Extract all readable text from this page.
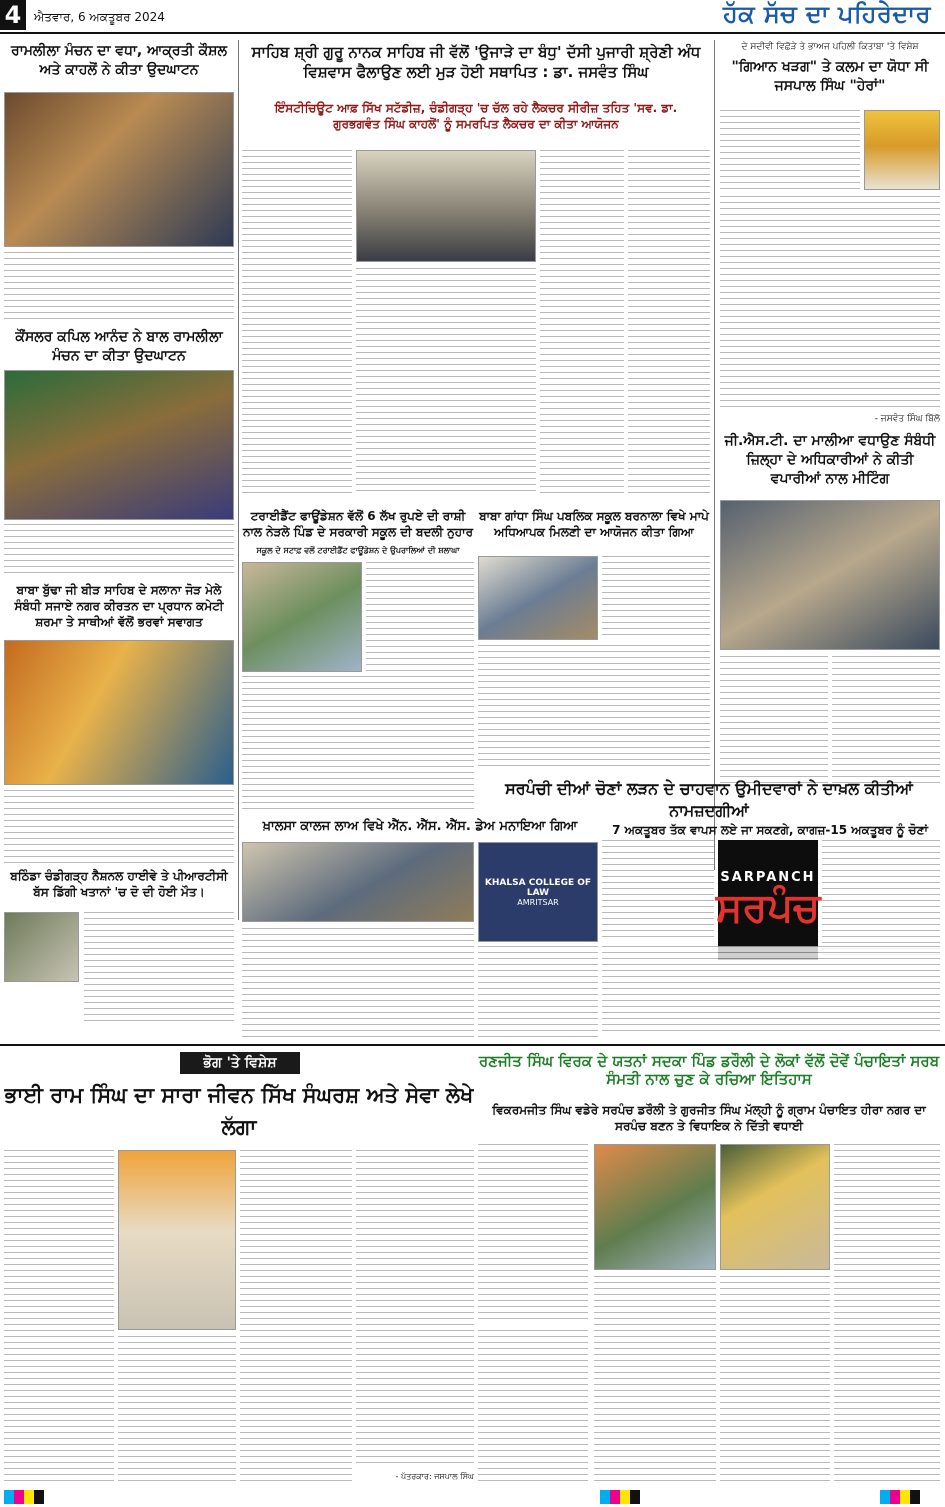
4	ਐਤਵਾਰ, 6 ਅਕਤੂਬਰ 2024	ਹੱਕ ਸੱਚ ਦਾ ਪਹਿਰੇਦਾਰ
ਰਾਮਲੀਲਾ ਮੰਚਨ ਦਾ ਵਧਾ, ਆਕ੍ਰਤੀ ਕੌਸ਼ਲ ਅਤੇ ਕਾਹਲੋਂ ਨੇ ਕੀਤਾ ਉਦਘਾਟਨ
ਕੌਂਸਲਰ ਕਪਿਲ ਆਨੰਦ ਨੇ ਬਾਲ ਰਾਮਲੀਲਾ ਮੰਚਨ ਦਾ ਕੀਤਾ ਉਦਘਾਟਨ
ਬਾਬਾ ਬੁੱਢਾ ਜੀ ਬੀੜ ਸਾਹਿਬ ਦੇ ਸਲਾਨਾ ਜੋੜ ਮੇਲੇ ਸੰਬੰਧੀ ਸਜਾਏ ਨਗਰ ਕੀਰਤਨ ਦਾ ਪ੍ਰਧਾਨ ਕਮੇਟੀ ਸ਼ਰਮਾ ਤੇ ਸਾਥੀਆਂ ਵੱਲੋਂ ਭਰਵਾਂ ਸਵਾਗਤ
ਬਠਿੰਡਾ ਚੰਡੀਗੜ੍ਹ ਨੈਸ਼ਨਲ ਹਾਈਵੇ ਤੇ ਪੀਆਰਟੀਸੀ ਬੱਸ ਡਿੱਗੀ ਖਤਾਨਾਂ 'ਚ ਦੋ ਦੀ ਹੋਈ ਮੌਤ।
ਸਾਹਿਬ ਸ਼੍ਰੀ ਗੁਰੂ ਨਾਨਕ ਸਾਹਿਬ ਜੀ ਵੱਲੋਂ 'ਉਜਾੜੇ ਦਾ ਬੰਧੁ' ਦੱਸੀ ਪੁਜਾਰੀ ਸ਼੍ਰੇਣੀ ਅੰਧ ਵਿਸ਼ਵਾਸ ਫੈਲਾਉਣ ਲਈ ਮੁੜ ਹੋਈ ਸਥਾਪਿਤ : ਡਾ. ਜਸਵੰਤ ਸਿੰਘ
ਇੰਸਟੀਚਿਊਟ ਆਫ਼ ਸਿੱਖ ਸਟੱਡੀਜ਼, ਚੰਡੀਗੜ੍ਹ 'ਚ ਚੱਲ ਰਹੇ ਲੈਕਚਰ ਸੀਰੀਜ਼ ਤਹਿਤ 'ਸਵ. ਡਾ. ਗੁਰਭਗਵੰਤ ਸਿੰਘ ਕਾਹਲੋਂ' ਨੂੰ ਸਮਰਪਿਤ ਲੈਕਚਰ ਦਾ ਕੀਤਾ ਆਯੋਜਨ
ਦੇ ਸਦੀਵੀ ਵਿਛੋੜੇ ਤੇ ਭਾਅਜ ਪਹਿਲੀ ਕਿਤਾਬਾ 'ਤੇ ਵਿਸ਼ੇਸ਼
"ਗਿਆਨ ਖੜਗ" ਤੇ ਕਲਮ ਦਾ ਯੋਧਾ ਸੀ ਜਸਪਾਲ ਸਿੰਘ "ਹੇਰਾਂ"
- ਜਸਵੰਤ ਸਿੰਘ ਬਿੱਲੋ
ਜੀ.ਐਸ.ਟੀ. ਦਾ ਮਾਲੀਆ ਵਧਾਉਣ ਸੰਬੰਧੀ ਜ਼ਿਲ੍ਹਾ ਦੇ ਅਧਿਕਾਰੀਆਂ ਨੇ ਕੀਤੀ ਵਪਾਰੀਆਂ ਨਾਲ ਮੀਟਿੰਗ
ਟਰਾਈਡੈਂਟ ਫਾਊਂਡੇਸ਼ਨ ਵੱਲੋਂ 6 ਲੱਖ ਰੁਪਏ ਦੀ ਰਾਸ਼ੀ ਨਾਲ ਨੇੜਲੇ ਪਿੰਡ ਦੇ ਸਰਕਾਰੀ ਸਕੂਲ ਦੀ ਬਦਲੀ ਨੁਹਾਰ
ਸਕੂਲ ਦੇ ਸਟਾਫ਼ ਵਲੋਂ ਟਰਾਈਡੈਂਟ ਫਾਊਂਡੇਸ਼ਨ ਦੇ ਉਪਰਾਲਿਆਂ ਦੀ ਸ਼ਲਾਘਾ
ਬਾਬਾ ਗਾਂਧਾ ਸਿੰਘ ਪਬਲਿਕ ਸਕੂਲ ਬਰਨਾਲਾ ਵਿਖੇ ਮਾਪੇ ਅਧਿਆਪਕ ਮਿਲਣੀ ਦਾ ਆਯੋਜਨ ਕੀਤਾ ਗਿਆ
ਸਰਪੰਚੀ ਦੀਆਂ ਚੋਣਾਂ ਲੜਨ ਦੇ ਚਾਹਵਾਨ ਉਮੀਦਵਾਰਾਂ ਨੇ ਦਾਖ਼ਲ ਕੀਤੀਆਂ ਨਾਮਜ਼ਦਗੀਆਂ
7 ਅਕਤੂਬਰ ਤੱਕ ਵਾਪਸ ਲਏ ਜਾ ਸਕਣਗੇ, ਕਾਗਜ਼-15 ਅਕਤੂਬਰ ਨੂੰ ਚੋਣਾਂ
SARPANCH
ਸਰਪੰਚ
ਖ਼ਾਲਸਾ ਕਾਲਜ ਲਾਅ ਵਿਖੇ ਐੱਨ. ਐੱਸ. ਐੱਸ. ਡੇਅ ਮਨਾਇਆ ਗਿਆ
KHALSA COLLEGE OF LAW
AMRITSAR
ਭੋਗ 'ਤੇ ਵਿਸ਼ੇਸ਼
ਭਾਈ ਰਾਮ ਸਿੰਘ ਦਾ ਸਾਰਾ ਜੀਵਨ ਸਿੱਖ ਸੰਘਰਸ਼ ਅਤੇ ਸੇਵਾ ਲੇਖੇ ਲੱਗਾ
- ਪੱਤਰਕਾਰ: ਜਸਪਾਲ ਸਿੰਘ
ਰਣਜੀਤ ਸਿੰਘ ਵਿਰਕ ਦੇ ਯਤਨਾਂ ਸਦਕਾ ਪਿੰਡ ਡਰੌਲੀ ਦੇ ਲੋਕਾਂ ਵੱਲੋਂ ਦੋਵੇਂ ਪੰਚਾਇਤਾਂ ਸਰਬ ਸੰਮਤੀ ਨਾਲ ਚੁਣ ਕੇ ਰਚਿਆ ਇਤਿਹਾਸ
ਵਿਕਰਮਜੀਤ ਸਿੰਘ ਵਡੇਰੇ ਸਰਪੰਚ ਡਰੌਲੀ ਤੇ ਗੁਰਜੀਤ ਸਿੰਘ ਮੱਲ੍ਹੀ ਨੂੰ ਗ੍ਰਾਮ ਪੰਚਾਇਤ ਹੀਰਾ ਨਗਰ ਦਾ ਸਰਪੰਚ ਬਣਨ ਤੇ ਵਿਧਾਇਕ ਨੇ ਦਿੱਤੀ ਵਧਾਈ
